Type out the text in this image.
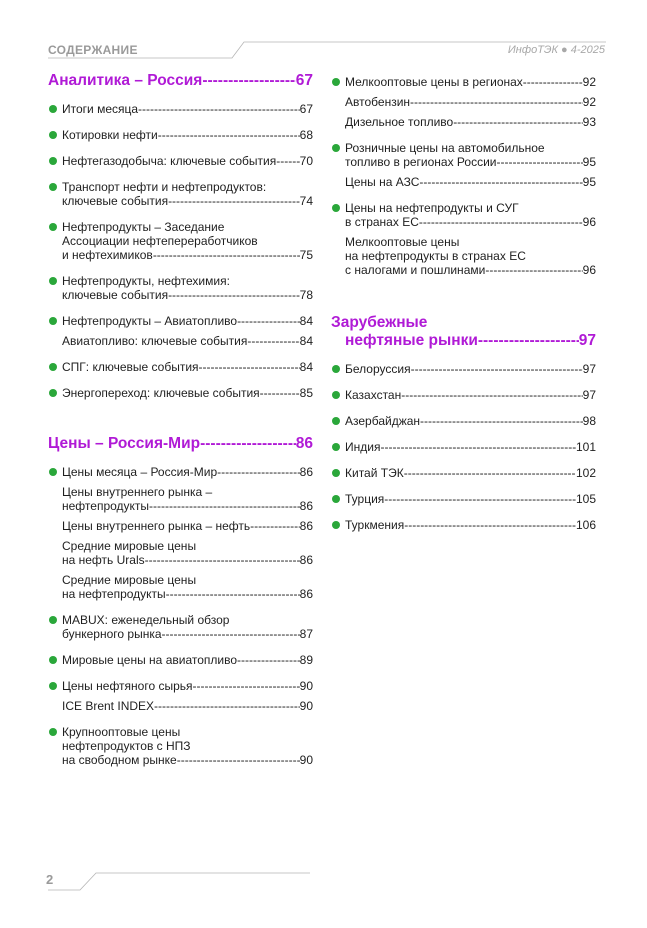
СОДЕРЖАНИЕ	ИнфоТЭК ● 4-2025
Аналитика – Россия -----	67
Итоги месяца -----	67
Котировки нефти -----	68
Нефтегазодобыча: ключевые события ----- 70
Транспорт нефти и нефтепродуктов:
ключевые события -----	74
Нефтепродукты – Заседание
Ассоциации нефтепереработчиков
и нефтехимиков -----	75
Нефтепродукты, нефтехимия:
ключевые события -----	78
Нефтепродукты – Авиатопливо -----	84
Авиатопливо: ключевые события -----	84
СПГ: ключевые события -----	84
Энергопереход: ключевые события -----	85
Цены – Россия-Мир -----	86
Цены месяца – Россия-Мир -----	86
Цены внутреннего рынка –
нефтепродукты -----	86
Цены внутреннего рынка – нефть -----	86
Средние мировые цены
на нефть Urals -----	86
Средние мировые цены
на нефтепродукты -----	86
MABUX: еженедельный обзор
бункерного рынка -----	87
Мировые цены на авиатопливо -----	89
Цены нефтяного сырья -----	90
ICE Brent INDEX -----	90
Крупнооптовые цены
нефтепродуктов с НПЗ
на свободном рынке -----	90
Мелкооптовые цены в регионах -----	92
Автобензин -----	92
Дизельное топливо -----	93
Розничные цены на автомобильное
топливо в регионах России -----	95
Цены на АЗС -----	95
Цены на нефтепродукты и СУГ
в странах ЕС -----	96
Мелкооптовые цены
на нефтепродукты в странах ЕС
с налогами и пошлинами -----	96
Зарубежные
нефтяные рынки -----	97
Белоруссия -----	97
Казахстан -----	97
Азербайджан -----	98
Индия -----	101
Китай ТЭК -----	102
Турция -----	105
Туркмения -----	106
2
